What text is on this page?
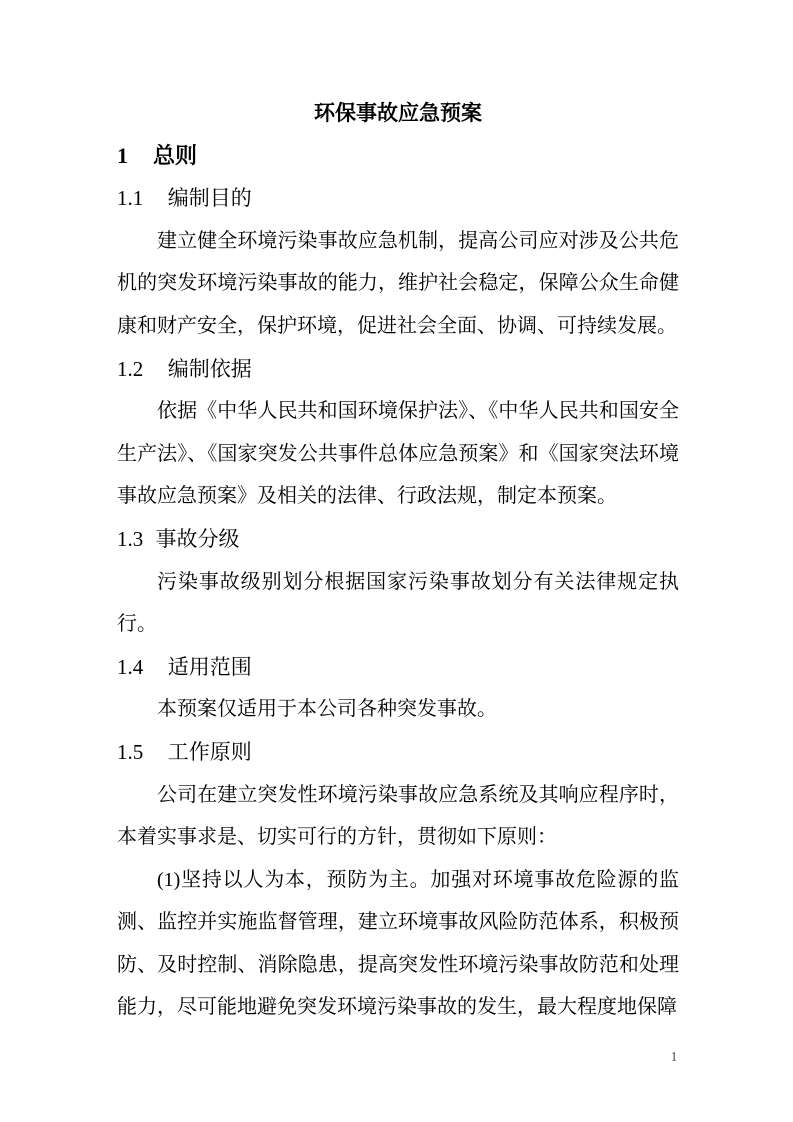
环保事故应急预案
1  总则
1.1  编制目的
建立健全环境污染事故应急机制，提高公司应对涉及公共危机的突发环境污染事故的能力，维护社会稳定，保障公众生命健康和财产安全，保护环境，促进社会全面、协调、可持续发展。
1.2  编制依据
依据《中华人民共和国环境保护法》、《中华人民共和国安全生产法》、《国家突发公共事件总体应急预案》和《国家突法环境事故应急预案》及相关的法律、行政法规，制定本预案。
1.3 事故分级
污染事故级别划分根据国家污染事故划分有关法律规定执行。
1.4  适用范围
本预案仅适用于本公司各种突发事故。
1.5  工作原则
公司在建立突发性环境污染事故应急系统及其响应程序时，本着实事求是、切实可行的方针，贯彻如下原则：
(1)坚持以人为本，预防为主。加强对环境事故危险源的监测、监控并实施监督管理，建立环境事故风险防范体系，积极预防、及时控制、消除隐患，提高突发性环境污染事故防范和处理能力，尽可能地避免突发环境污染事故的发生，最大程度地保障
1
